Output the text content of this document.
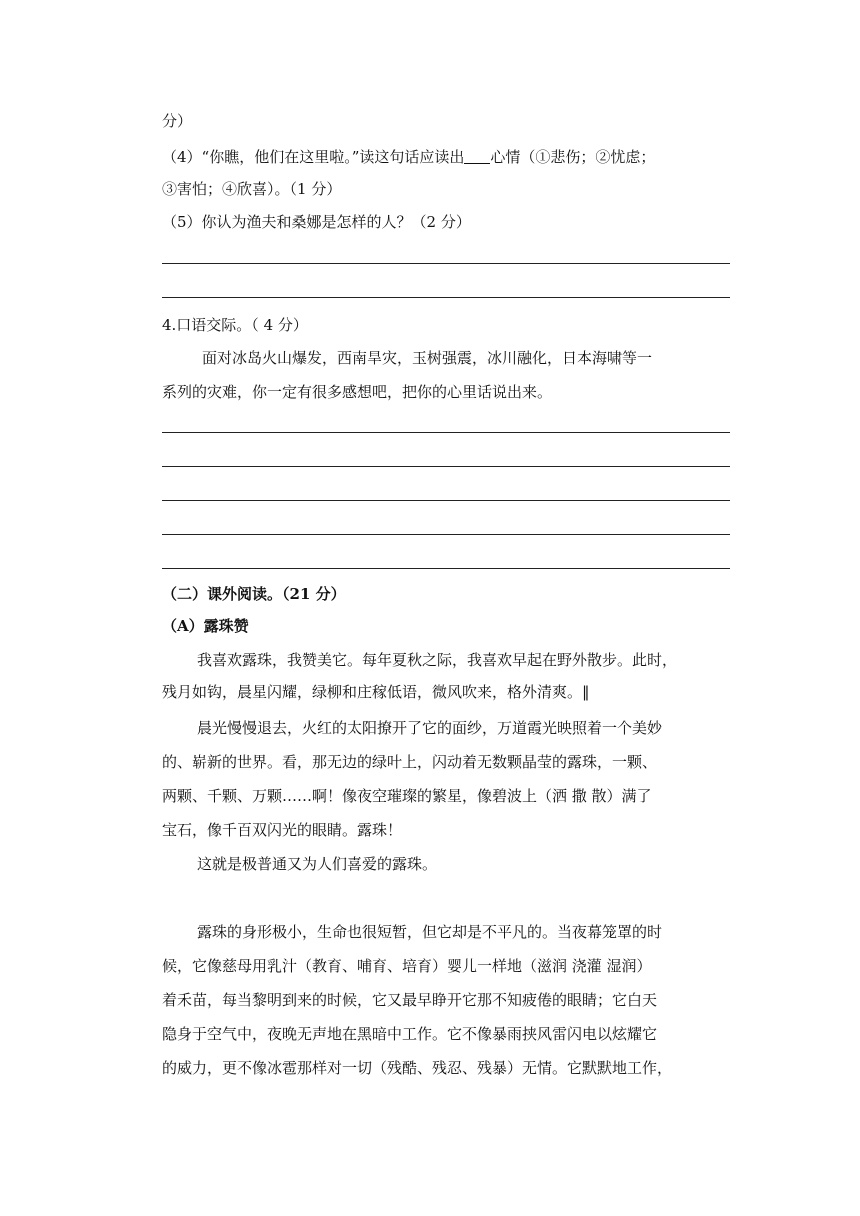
分）
（4）“你瞧，他们在这里啦。”读这句话应读出 心情（①悲伤；②忧虑；
③害怕；④欣喜）。（1 分）
（5）你认为渔夫和桑娜是怎样的人？（2 分）
4.口语交际。（ 4 分）
面对冰岛火山爆发，西南旱灾，玉树强震，冰川融化，日本海啸等一
系列的灾难，你一定有很多感想吧，把你的心里话说出来。
（二）课外阅读。（21 分）
（A）露珠赞
我喜欢露珠，我赞美它。每年夏秋之际，我喜欢早起在野外散步。此时，
残月如钩，晨星闪耀，绿柳和庄稼低语，微风吹来，格外清爽。‖
晨光慢慢退去，火红的太阳撩开了它的面纱，万道霞光映照着一个美妙
的、崭新的世界。看，那无边的绿叶上，闪动着无数颗晶莹的露珠，一颗、
两颗、千颗、万颗……啊！像夜空璀璨的繁星，像碧波上（洒 撒 散）满了
宝石，像千百双闪光的眼睛。露珠！
这就是极普通又为人们喜爱的露珠。
露珠的身形极小，生命也很短暂，但它却是不平凡的。当夜幕笼罩的时
候，它像慈母用乳汁（教育、哺育、培育）婴儿一样地（滋润 浇灌 湿润）
着禾苗，每当黎明到来的时候，它又最早睁开它那不知疲倦的眼睛；它白天
隐身于空气中，夜晚无声地在黑暗中工作。它不像暴雨挟风雷闪电以炫耀它
的威力，更不像冰雹那样对一切（残酷、残忍、残暴）无情。它默默地工作，
